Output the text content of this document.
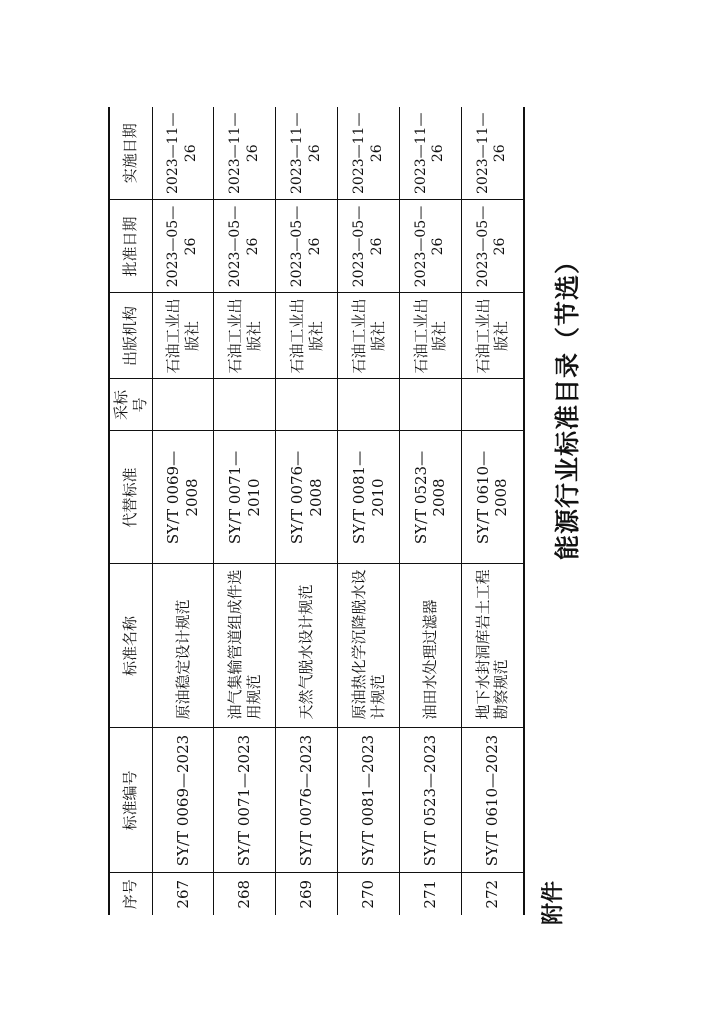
附件
能源行业标准目录（节选）
序号	标准编号	标准名称	代替标准	采标号	出版机构	批准日期	实施日期
267	SY/T 0069—2023	原油稳定设计规范	SY/T 0069—2008		石油工业出版社	2023—05—26	2023—11—26
268	SY/T 0071—2023	油气集输管道组成件选用规范	SY/T 0071—2010		石油工业出版社	2023—05—26	2023—11—26
269	SY/T 0076—2023	天然气脱水设计规范	SY/T 0076—2008		石油工业出版社	2023—05—26	2023—11—26
270	SY/T 0081—2023	原油热化学沉降脱水设计规范	SY/T 0081—2010		石油工业出版社	2023—05—26	2023—11—26
271	SY/T 0523—2023	油田水处理过滤器	SY/T 0523—2008		石油工业出版社	2023—05—26	2023—11—26
272	SY/T 0610—2023	地下水封洞库岩土工程勘察规范	SY/T 0610—2008		石油工业出版社	2023—05—26	2023—11—26
